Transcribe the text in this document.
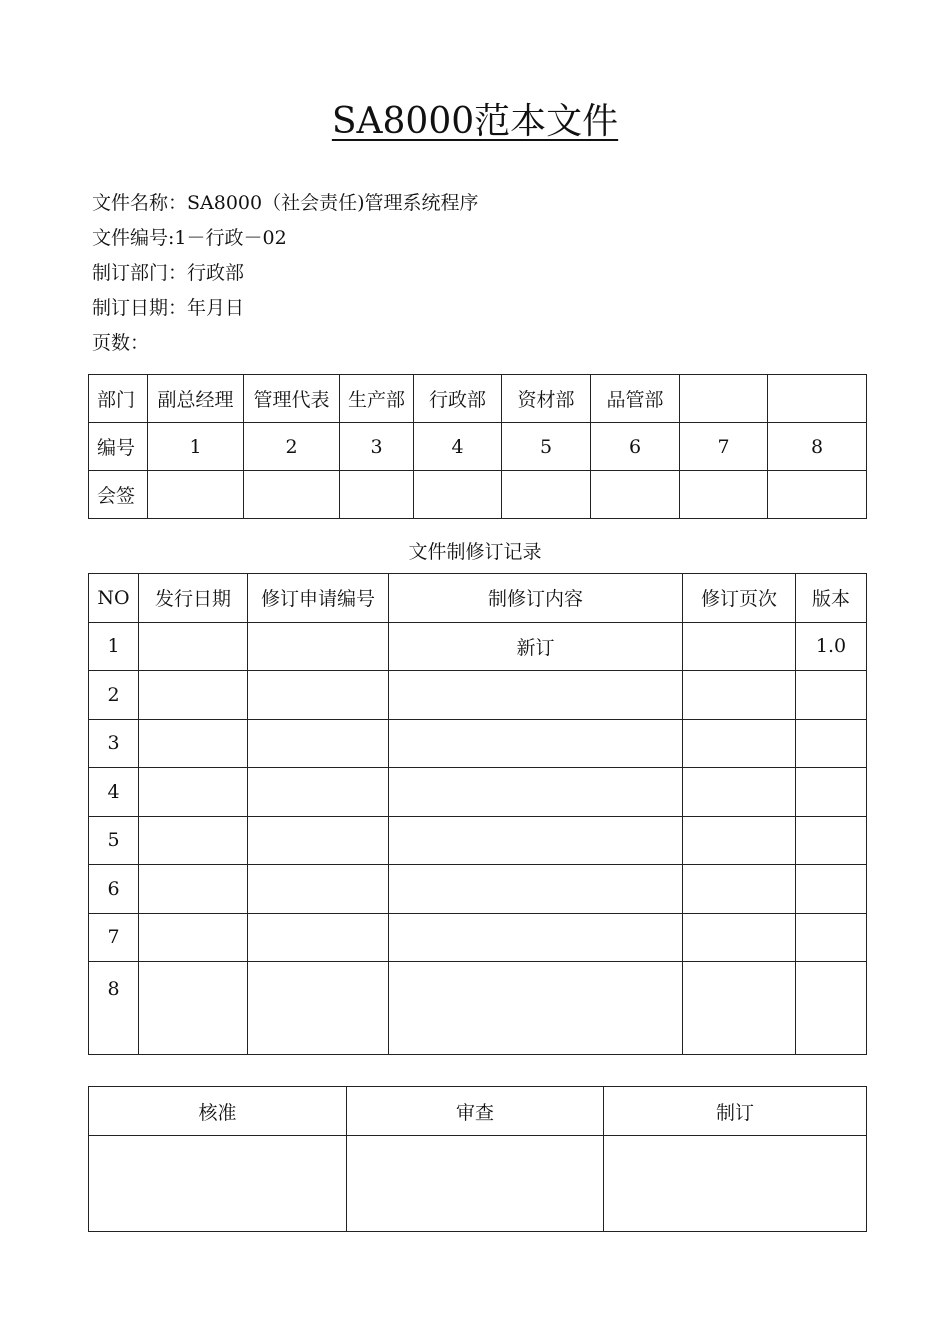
SA8000范本文件
文件名称：SA8000（社会责任)管理系统程序
文件编号:1－行政－02
制订部门：行政部
制订日期：年月日
页数：
部门	副总经理	管理代表	生产部	行政部	资材部	品管部		
编号	1	2	3	4	5	6	7	8
会签								
文件制修订记录
NO	发行日期	修订申请编号	制修订内容	修订页次	版本
1			新订		1.0
2					
3					
4					
5					
6					
7					
8					
核准	审查	制订
